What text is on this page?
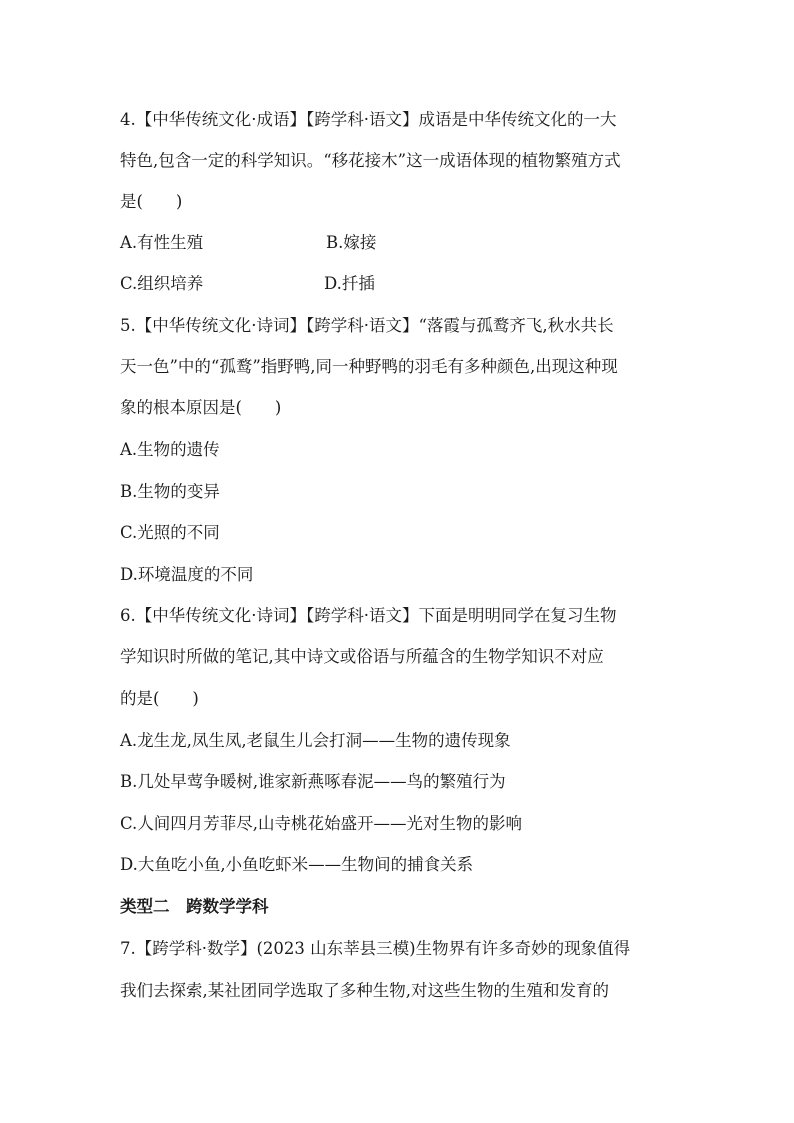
4.【中华传统文化·成语】【跨学科·语文】成语是中华传统文化的一大
特色,包含一定的科学知识。“移花接木”这一成语体现的植物繁殖方式
是(　　)
A.有性生殖	B.嫁接
C.组织培养	D.扦插
5.【中华传统文化·诗词】【跨学科·语文】“落霞与孤鹜齐飞,秋水共长
天一色”中的“孤鹜”指野鸭,同一种野鸭的羽毛有多种颜色,出现这种现
象的根本原因是(　　)
A.生物的遗传
B.生物的变异
C.光照的不同
D.环境温度的不同
6.【中华传统文化·诗词】【跨学科·语文】下面是明明同学在复习生物
学知识时所做的笔记,其中诗文或俗语与所蕴含的生物学知识不对应
的是(　　)
A.龙生龙,凤生凤,老鼠生儿会打洞——生物的遗传现象
B.几处早莺争暖树,谁家新燕啄春泥——鸟的繁殖行为
C.人间四月芳菲尽,山寺桃花始盛开——光对生物的影响
D.大鱼吃小鱼,小鱼吃虾米——生物间的捕食关系
类型二　跨数学学科
7.【跨学科·数学】(2023 山东莘县三模)生物界有许多奇妙的现象值得
我们去探索,某社团同学选取了多种生物,对这些生物的生殖和发育的
